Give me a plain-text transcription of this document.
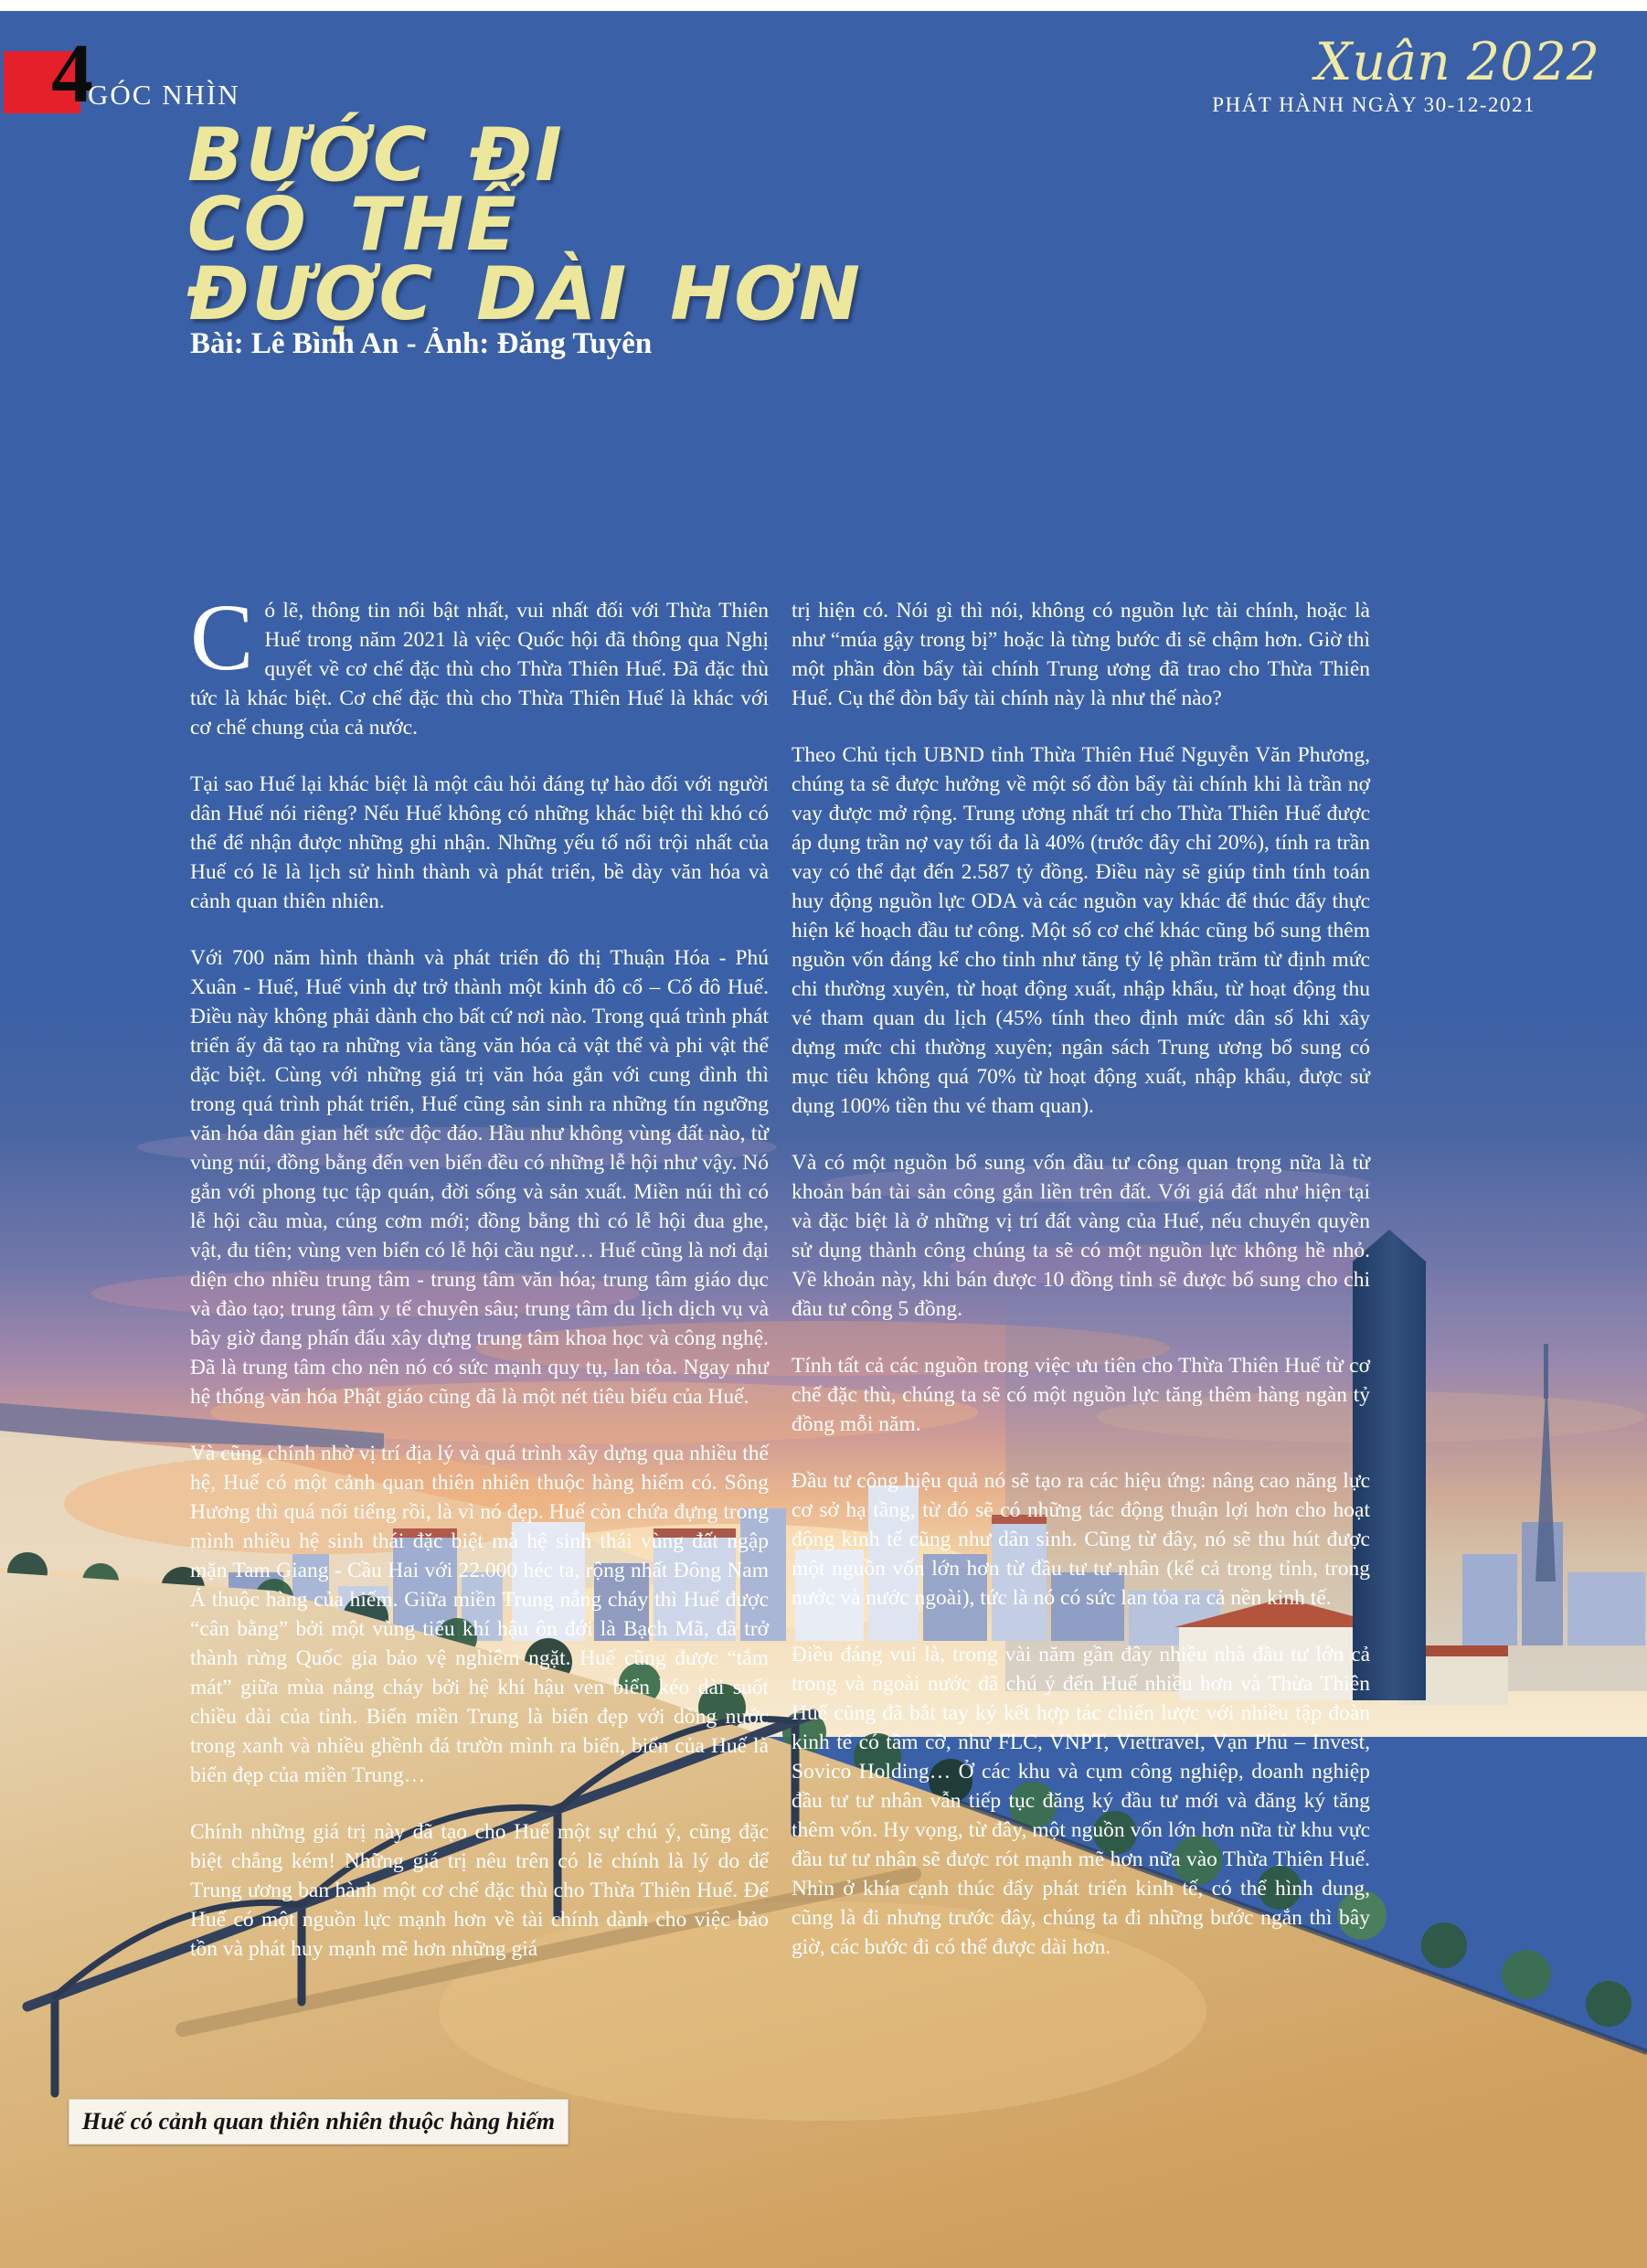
4
GÓC NHÌN
Xuân 2022
PHÁT HÀNH NGÀY 30-12-2021
BƯỚC ĐI
CÓ THỂ
ĐƯỢC DÀI HƠN
Bài: Lê Bình An - Ảnh: Đăng Tuyên

Có lẽ, thông tin nổi bật nhất, vui nhất đối với Thừa Thiên Huế trong năm 2021 là việc Quốc hội đã thông qua Nghị quyết về cơ chế đặc thù cho Thừa Thiên Huế. Đã đặc thù tức là khác biệt. Cơ chế đặc thù cho Thừa Thiên Huế là khác với cơ chế chung của cả nước.

Tại sao Huế lại khác biệt là một câu hỏi đáng tự hào đối với người dân Huế nói riêng? Nếu Huế không có những khác biệt thì khó có thể để nhận được những ghi nhận. Những yếu tố nổi trội nhất của Huế có lẽ là lịch sử hình thành và phát triển, bề dày văn hóa và cảnh quan thiên nhiên.

Với 700 năm hình thành và phát triển đô thị Thuận Hóa - Phú Xuân - Huế, Huế vinh dự trở thành một kinh đô cổ – Cố đô Huế. Điều này không phải dành cho bất cứ nơi nào. Trong quá trình phát triển ấy đã tạo ra những vỉa tầng văn hóa cả vật thể và phi vật thể đặc biệt. Cùng với những giá trị văn hóa gắn với cung đình thì trong quá trình phát triển, Huế cũng sản sinh ra những tín ngưỡng văn hóa dân gian hết sức độc đáo. Hầu như không vùng đất nào, từ vùng núi, đồng bằng đến ven biển đều có những lễ hội như vậy. Nó gắn với phong tục tập quán, đời sống và sản xuất. Miền núi thì có lễ hội cầu mùa, cúng cơm mới; đồng bằng thì có lễ hội đua ghe, vật, đu tiên; vùng ven biển có lễ hội cầu ngư… Huế cũng là nơi đại diện cho nhiều trung tâm - trung tâm văn hóa; trung tâm giáo dục và đào tạo; trung tâm y tế chuyên sâu; trung tâm du lịch dịch vụ và bây giờ đang phấn đấu xây dựng trung tâm khoa học và công nghệ. Đã là trung tâm cho nên nó có sức mạnh quy tụ, lan tỏa. Ngay như hệ thống văn hóa Phật giáo cũng đã là một nét tiêu biểu của Huế.

Và cũng chính nhờ vị trí địa lý và quá trình xây dựng qua nhiều thế hệ, Huế có một cảnh quan thiên nhiên thuộc hàng hiếm có. Sông Hương thì quá nổi tiếng rồi, là vì nó đẹp. Huế còn chứa đựng trong mình nhiều hệ sinh thái đặc biệt mà hệ sinh thái vùng đất ngập mặn Tam Giang - Cầu Hai với 22.000 héc ta, rộng nhất Đông Nam Á thuộc hàng của hiếm. Giữa miền Trung nắng cháy thì Huế được “cân bằng” bởi một vùng tiểu khí hậu ôn đới là Bạch Mã, đã trở thành rừng Quốc gia bảo vệ nghiêm ngặt. Huế cũng được “tắm mát” giữa mùa nắng cháy bởi hệ khí hậu ven biển kéo dài suốt chiều dài của tỉnh. Biển miền Trung là biển đẹp với dòng nước trong xanh và nhiều ghềnh đá trườn mình ra biển, biển của Huế là biển đẹp của miền Trung…

Chính những giá trị này đã tạo cho Huế một sự chú ý, cũng đặc biệt chẳng kém! Những giá trị nêu trên có lẽ chính là lý do để Trung ương ban hành một cơ chế đặc thù cho Thừa Thiên Huế. Để Huế có một nguồn lực mạnh hơn về tài chính dành cho việc bảo tồn và phát huy mạnh mẽ hơn những giá

trị hiện có. Nói gì thì nói, không có nguồn lực tài chính, hoặc là như “múa gậy trong bị” hoặc là từng bước đi sẽ chậm hơn. Giờ thì một phần đòn bẩy tài chính Trung ương đã trao cho Thừa Thiên Huế. Cụ thể đòn bẩy tài chính này là như thế nào?

Theo Chủ tịch UBND tỉnh Thừa Thiên Huế Nguyễn Văn Phương, chúng ta sẽ được hưởng về một số đòn bẩy tài chính khi là trần nợ vay được mở rộng. Trung ương nhất trí cho Thừa Thiên Huế được áp dụng trần nợ vay tối đa là 40% (trước đây chỉ 20%), tính ra trần vay có thể đạt đến 2.587 tỷ đồng. Điều này sẽ giúp tỉnh tính toán huy động nguồn lực ODA và các nguồn vay khác để thúc đẩy thực hiện kế hoạch đầu tư công. Một số cơ chế khác cũng bổ sung thêm nguồn vốn đáng kể cho tỉnh như tăng tỷ lệ phần trăm từ định mức chi thường xuyên, từ hoạt động xuất, nhập khẩu, từ hoạt động thu vé tham quan du lịch (45% tính theo định mức dân số khi xây dựng mức chi thường xuyên; ngân sách Trung ương bổ sung có mục tiêu không quá 70% từ hoạt động xuất, nhập khẩu, được sử dụng 100% tiền thu vé tham quan).

Và có một nguồn bổ sung vốn đầu tư công quan trọng nữa là từ khoản bán tài sản công gắn liền trên đất. Với giá đất như hiện tại và đặc biệt là ở những vị trí đất vàng của Huế, nếu chuyển quyền sử dụng thành công chúng ta sẽ có một nguồn lực không hề nhỏ. Về khoản này, khi bán được 10 đồng tỉnh sẽ được bổ sung cho chi đầu tư công 5 đồng.

Tính tất cả các nguồn trong việc ưu tiên cho Thừa Thiên Huế từ cơ chế đặc thù, chúng ta sẽ có một nguồn lực tăng thêm hàng ngàn tỷ đồng mỗi năm.

Đầu tư công hiệu quả nó sẽ tạo ra các hiệu ứng: nâng cao năng lực cơ sở hạ tầng, từ đó sẽ có những tác động thuận lợi hơn cho hoạt động kinh tế cũng như dân sinh. Cũng từ đây, nó sẽ thu hút được một nguồn vốn lớn hơn từ đầu tư tư nhân (kể cả trong tỉnh, trong nước và nước ngoài), tức là nó có sức lan tỏa ra cả nền kinh tế.

Điều đáng vui là, trong vài năm gần đây nhiều nhà đầu tư lớn cả trong và ngoài nước đã chú ý đến Huế nhiều hơn và Thừa Thiên Huế cũng đã bắt tay ký kết hợp tác chiến lược với nhiều tập đoàn kinh tế có tầm cỡ, như FLC, VNPT, Viettravel, Vạn Phú – Invest, Sovico Holding… Ở các khu và cụm công nghiệp, doanh nghiệp đầu tư tư nhân vẫn tiếp tục đăng ký đầu tư mới và đăng ký tăng thêm vốn. Hy vọng, từ đây, một nguồn vốn lớn hơn nữa từ khu vực đầu tư tư nhân sẽ được rót mạnh mẽ hơn nữa vào Thừa Thiên Huế. Nhìn ở khía cạnh thúc đẩy phát triển kinh tế, có thể hình dung, cũng là đi nhưng trước đây, chúng ta đi những bước ngắn thì bây giờ, các bước đi có thể được dài hơn.

Huế có cảnh quan thiên nhiên thuộc hàng hiếm
